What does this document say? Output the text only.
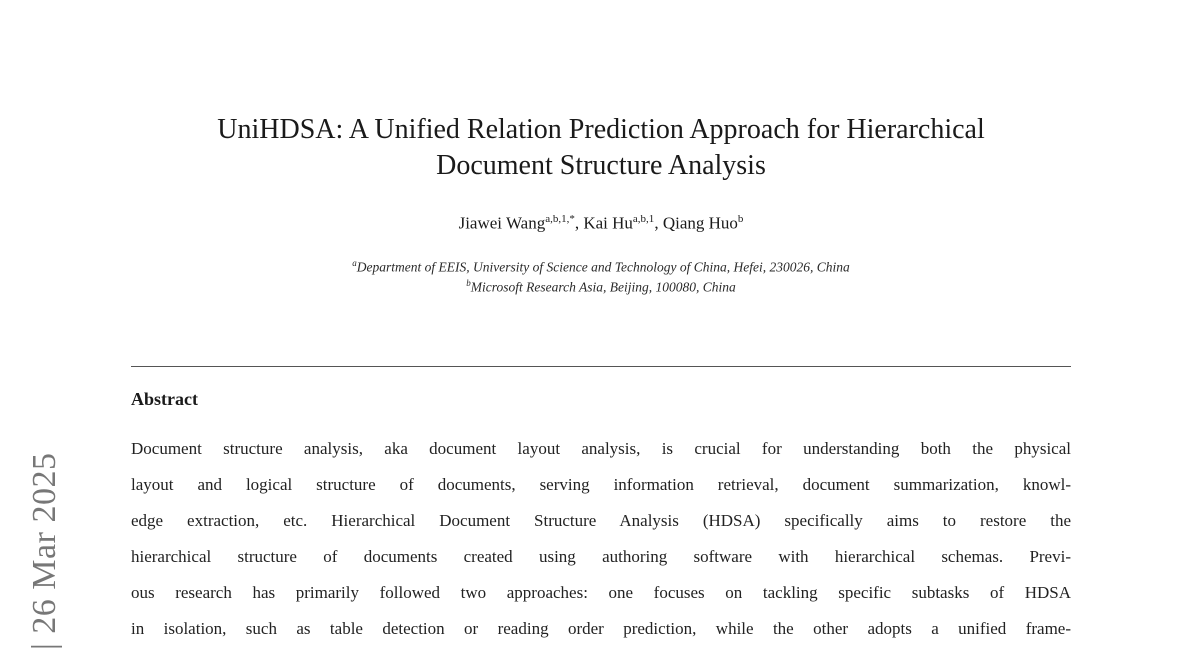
| 26 Mar 2025
UniHDSA: A Unified Relation Prediction Approach for Hierarchical
Document Structure Analysis
Jiawei Wang$^{a,b,1,*}$, Kai Hu$^{a,b,1}$, Qiang Huo$^b$
$^a$Department of EEIS, University of Science and Technology of China, Hefei, 230026, China
$^b$Microsoft Research Asia, Beijing, 100080, China
Abstract
Document structure analysis, aka document layout analysis, is crucial for understanding both the physical
layout and logical structure of documents, serving information retrieval, document summarization, knowl-
edge extraction, etc. Hierarchical Document Structure Analysis (HDSA) specifically aims to restore the
hierarchical structure of documents created using authoring software with hierarchical schemas. Previ-
ous research has primarily followed two approaches: one focuses on tackling specific subtasks of HDSA
in isolation, such as table detection or reading order prediction, while the other adopts a unified frame-
